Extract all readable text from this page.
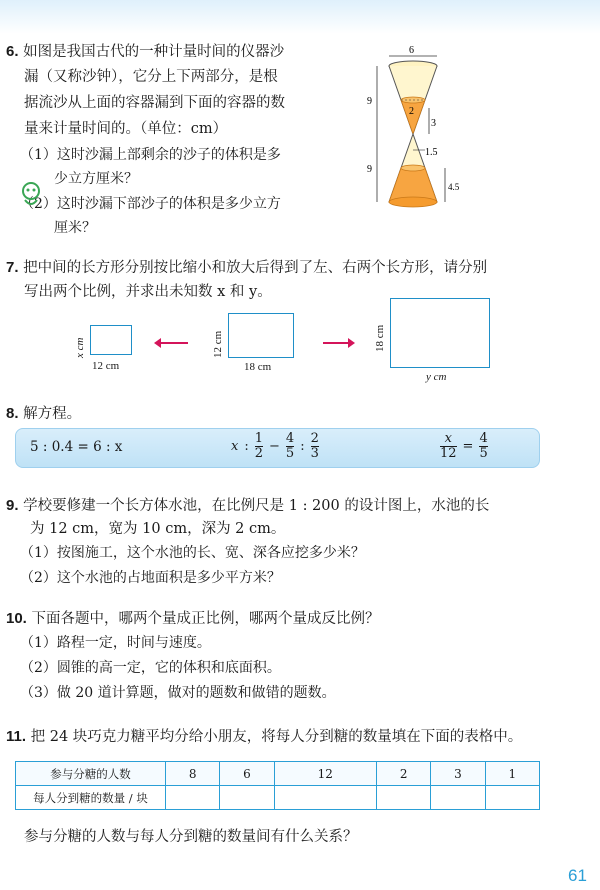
6. 如图是我国古代的一种计量时间的仪器沙
漏（又称沙钟），它分上下两部分，是根
据流沙从上面的容器漏到下面的容器的数
量来计量时间的。（单位：cm）
（1）这时沙漏上部剩余的沙子的体积是多
少立方厘米？
（2）这时沙漏下部沙子的体积是多少立方
厘米？
6
2
3
1.5
9
9
4.5
7. 把中间的长方形分别按比缩小和放大后得到了左、右两个长方形，请分别
写出两个比例，并求出未知数 x 和 y。
x cm
12 cm
12 cm
18 cm
18 cm
y cm
8. 解方程。
5 : 0.4 = 6 : x	x : $\frac{1}{2} - \frac{4}{5}$ : $\frac{2}{3}$	$\frac{x}{12} = \frac{4}{5}$
9. 学校要修建一个长方体水池，在比例尺是 1 : 200 的设计图上，水池的长
为 12 cm，宽为 10 cm，深为 2 cm。
（1）按图施工，这个水池的长、宽、深各应挖多少米？
（2）这个水池的占地面积是多少平方米？
10. 下面各题中，哪两个量成正比例，哪两个量成反比例？
（1）路程一定，时间与速度。
（2）圆锥的高一定，它的体积和底面积。
（3）做 20 道计算题，做对的题数和做错的题数。
11. 把 24 块巧克力糖平均分给小朋友，将每人分到糖的数量填在下面的表格中。
参与分糖的人数	8	6	12	2	3	1
每人分到糖的数量 / 块						
参与分糖的人数与每人分到糖的数量间有什么关系？
61
